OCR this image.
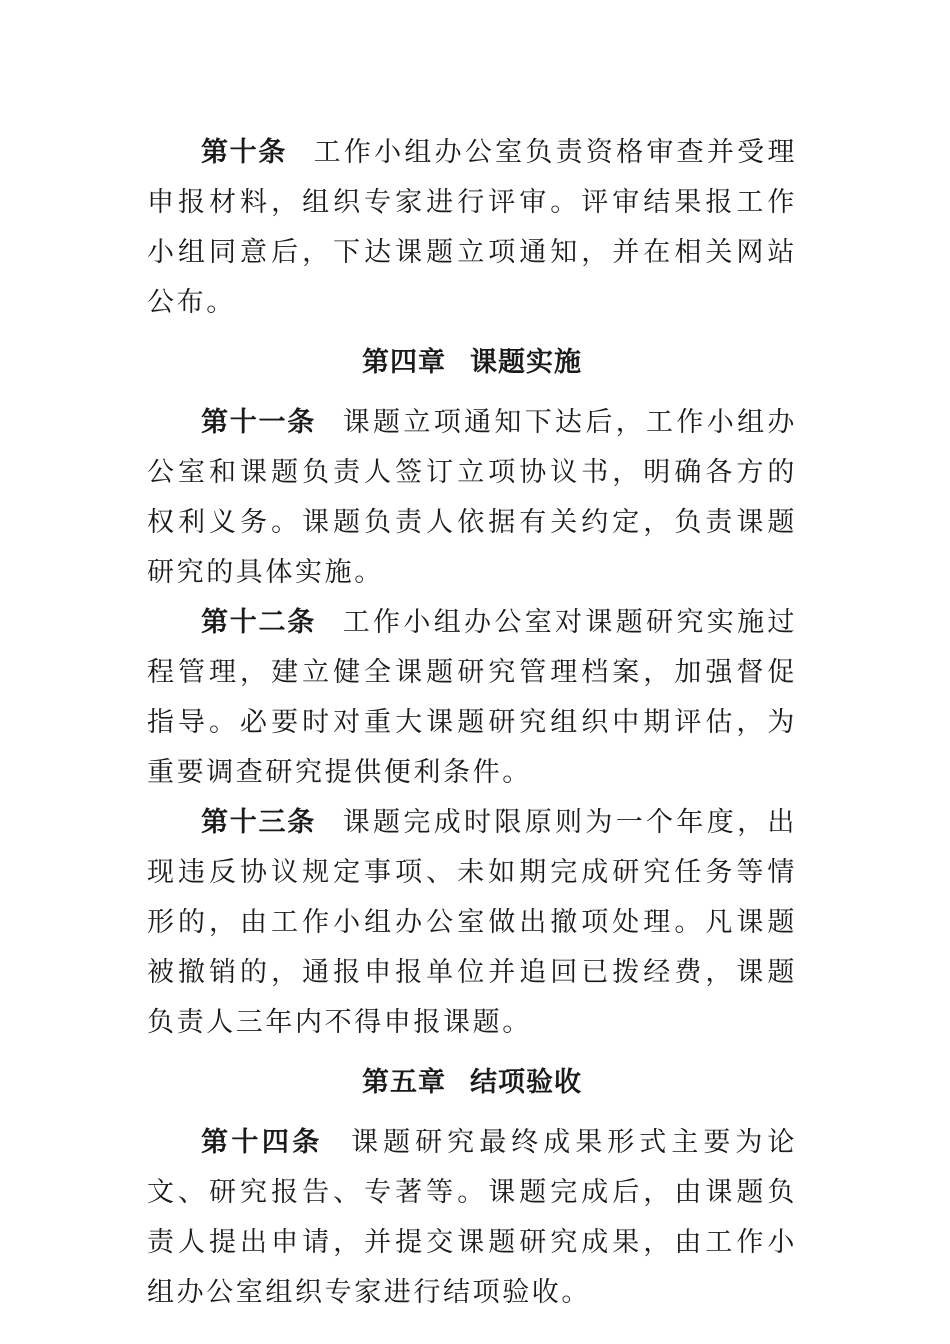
第十条 工作小组办公室负责资格审查并受理申报材料，组织专家进行评审。评审结果报工作小组同意后，下达课题立项通知，并在相关网站公布。

第四章 课题实施

第十一条 课题立项通知下达后，工作小组办公室和课题负责人签订立项协议书，明确各方的权利义务。课题负责人依据有关约定，负责课题研究的具体实施。

第十二条 工作小组办公室对课题研究实施过程管理，建立健全课题研究管理档案，加强督促指导。必要时对重大课题研究组织中期评估，为重要调查研究提供便利条件。

第十三条 课题完成时限原则为一个年度，出现违反协议规定事项、未如期完成研究任务等情形的，由工作小组办公室做出撤项处理。凡课题被撤销的，通报申报单位并追回已拨经费，课题负责人三年内不得申报课题。

第五章 结项验收

第十四条 课题研究最终成果形式主要为论文、研究报告、专著等。课题完成后，由课题负责人提出申请，并提交课题研究成果，由工作小组办公室组织专家进行结项验收。
